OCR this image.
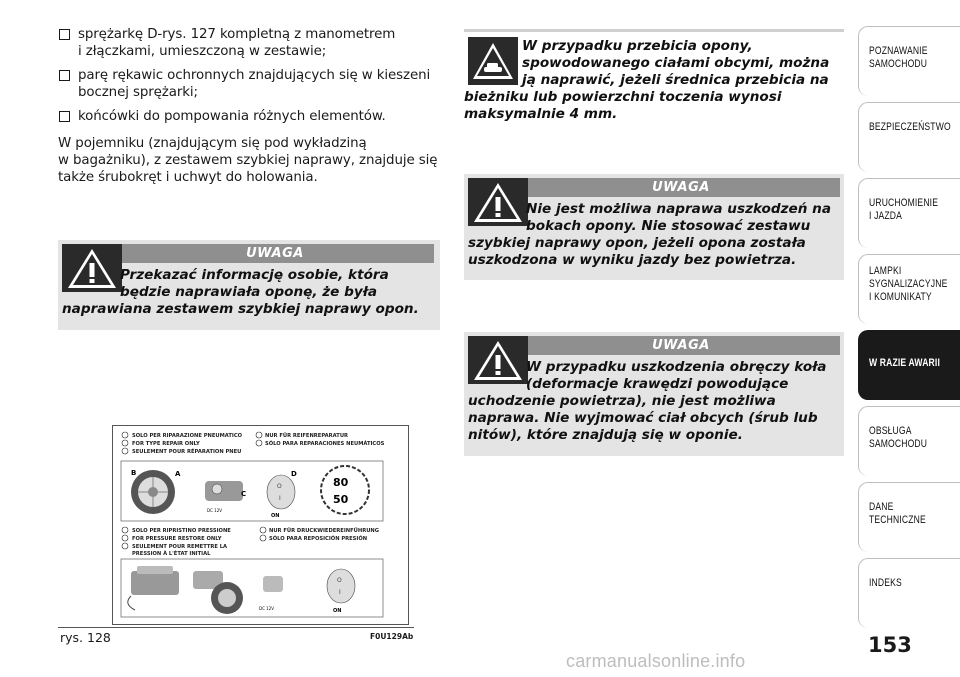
sprężarkę D-rys. 127 kompletną z manometrem
i złączkami, umieszczoną w zestawie;
parę rękawic ochronnych znajdujących się w kieszeni
bocznej sprężarki;
końcówki do pompowania różnych elementów.
W pojemniku (znajdującym się pod wykładziną
w bagażniku), z zestawem szybkiej naprawy, znajduje się
także śrubokręt i uchwyt do holowania.
UWAGA
Przekazać informację osobie, która
będzie naprawiała oponę, że była
naprawiana zestawem szybkiej naprawy opon.
W przypadku przebicia opony,
spowodowanego ciałami obcymi, można
ją naprawić, jeżeli średnica przebicia na
bieżniku lub powierzchni toczenia wynosi maksymalnie 4 mm.
UWAGA
Nie jest możliwa naprawa uszkodzeń na
bokach opony. Nie stosować zestawu
szybkiej naprawy opon, jeżeli opona została uszkodzona w wyniku jazdy bez powietrza.
UWAGA
W przypadku uszkodzenia obręczy koła
(deformacje krawędzi powodujące
uchodzenie powietrza), nie jest możliwa naprawa. Nie wyjmować ciał obcych (śrub lub nitów), które znajdują się w oponie.
SOLO PER RIPARAZIONE PNEUMATICO
FOR TYPE REPAIR ONLY
SEULEMENT POUR RÉPARATION PNEU
NUR FÜR REIFENREPARATUR
SÓLO PARA REPARACIONES NEUMÁTICOS
B	A
C
DC 12V
D
O
I
ON
80
50
SOLO PER RIPRISTINO PRESSIONE
FOR PRESSURE RESTORE ONLY
SEULEMENT POUR REMETTRE LA
PRESSION À L'ÉTAT INITIAL
NUR FÜR DRUCKWIEDEREINFÜHRUNG
SÓLO PARA REPOSICIÓN PRESIÓN
DC 12V
O
I
ON
rys. 128	F0U129Ab
POZNAWANIE
SAMOCHODU
BEZPIECZEŃSTWO
URUCHOMIENIE
I JAZDA
LAMPKI
SYGNALIZACYJNE
I KOMUNIKATY
W RAZIE AWARII
OBSŁUGA
SAMOCHODU
DANE
TECHNICZNE
INDEKS
153
carmanualsonline.info
